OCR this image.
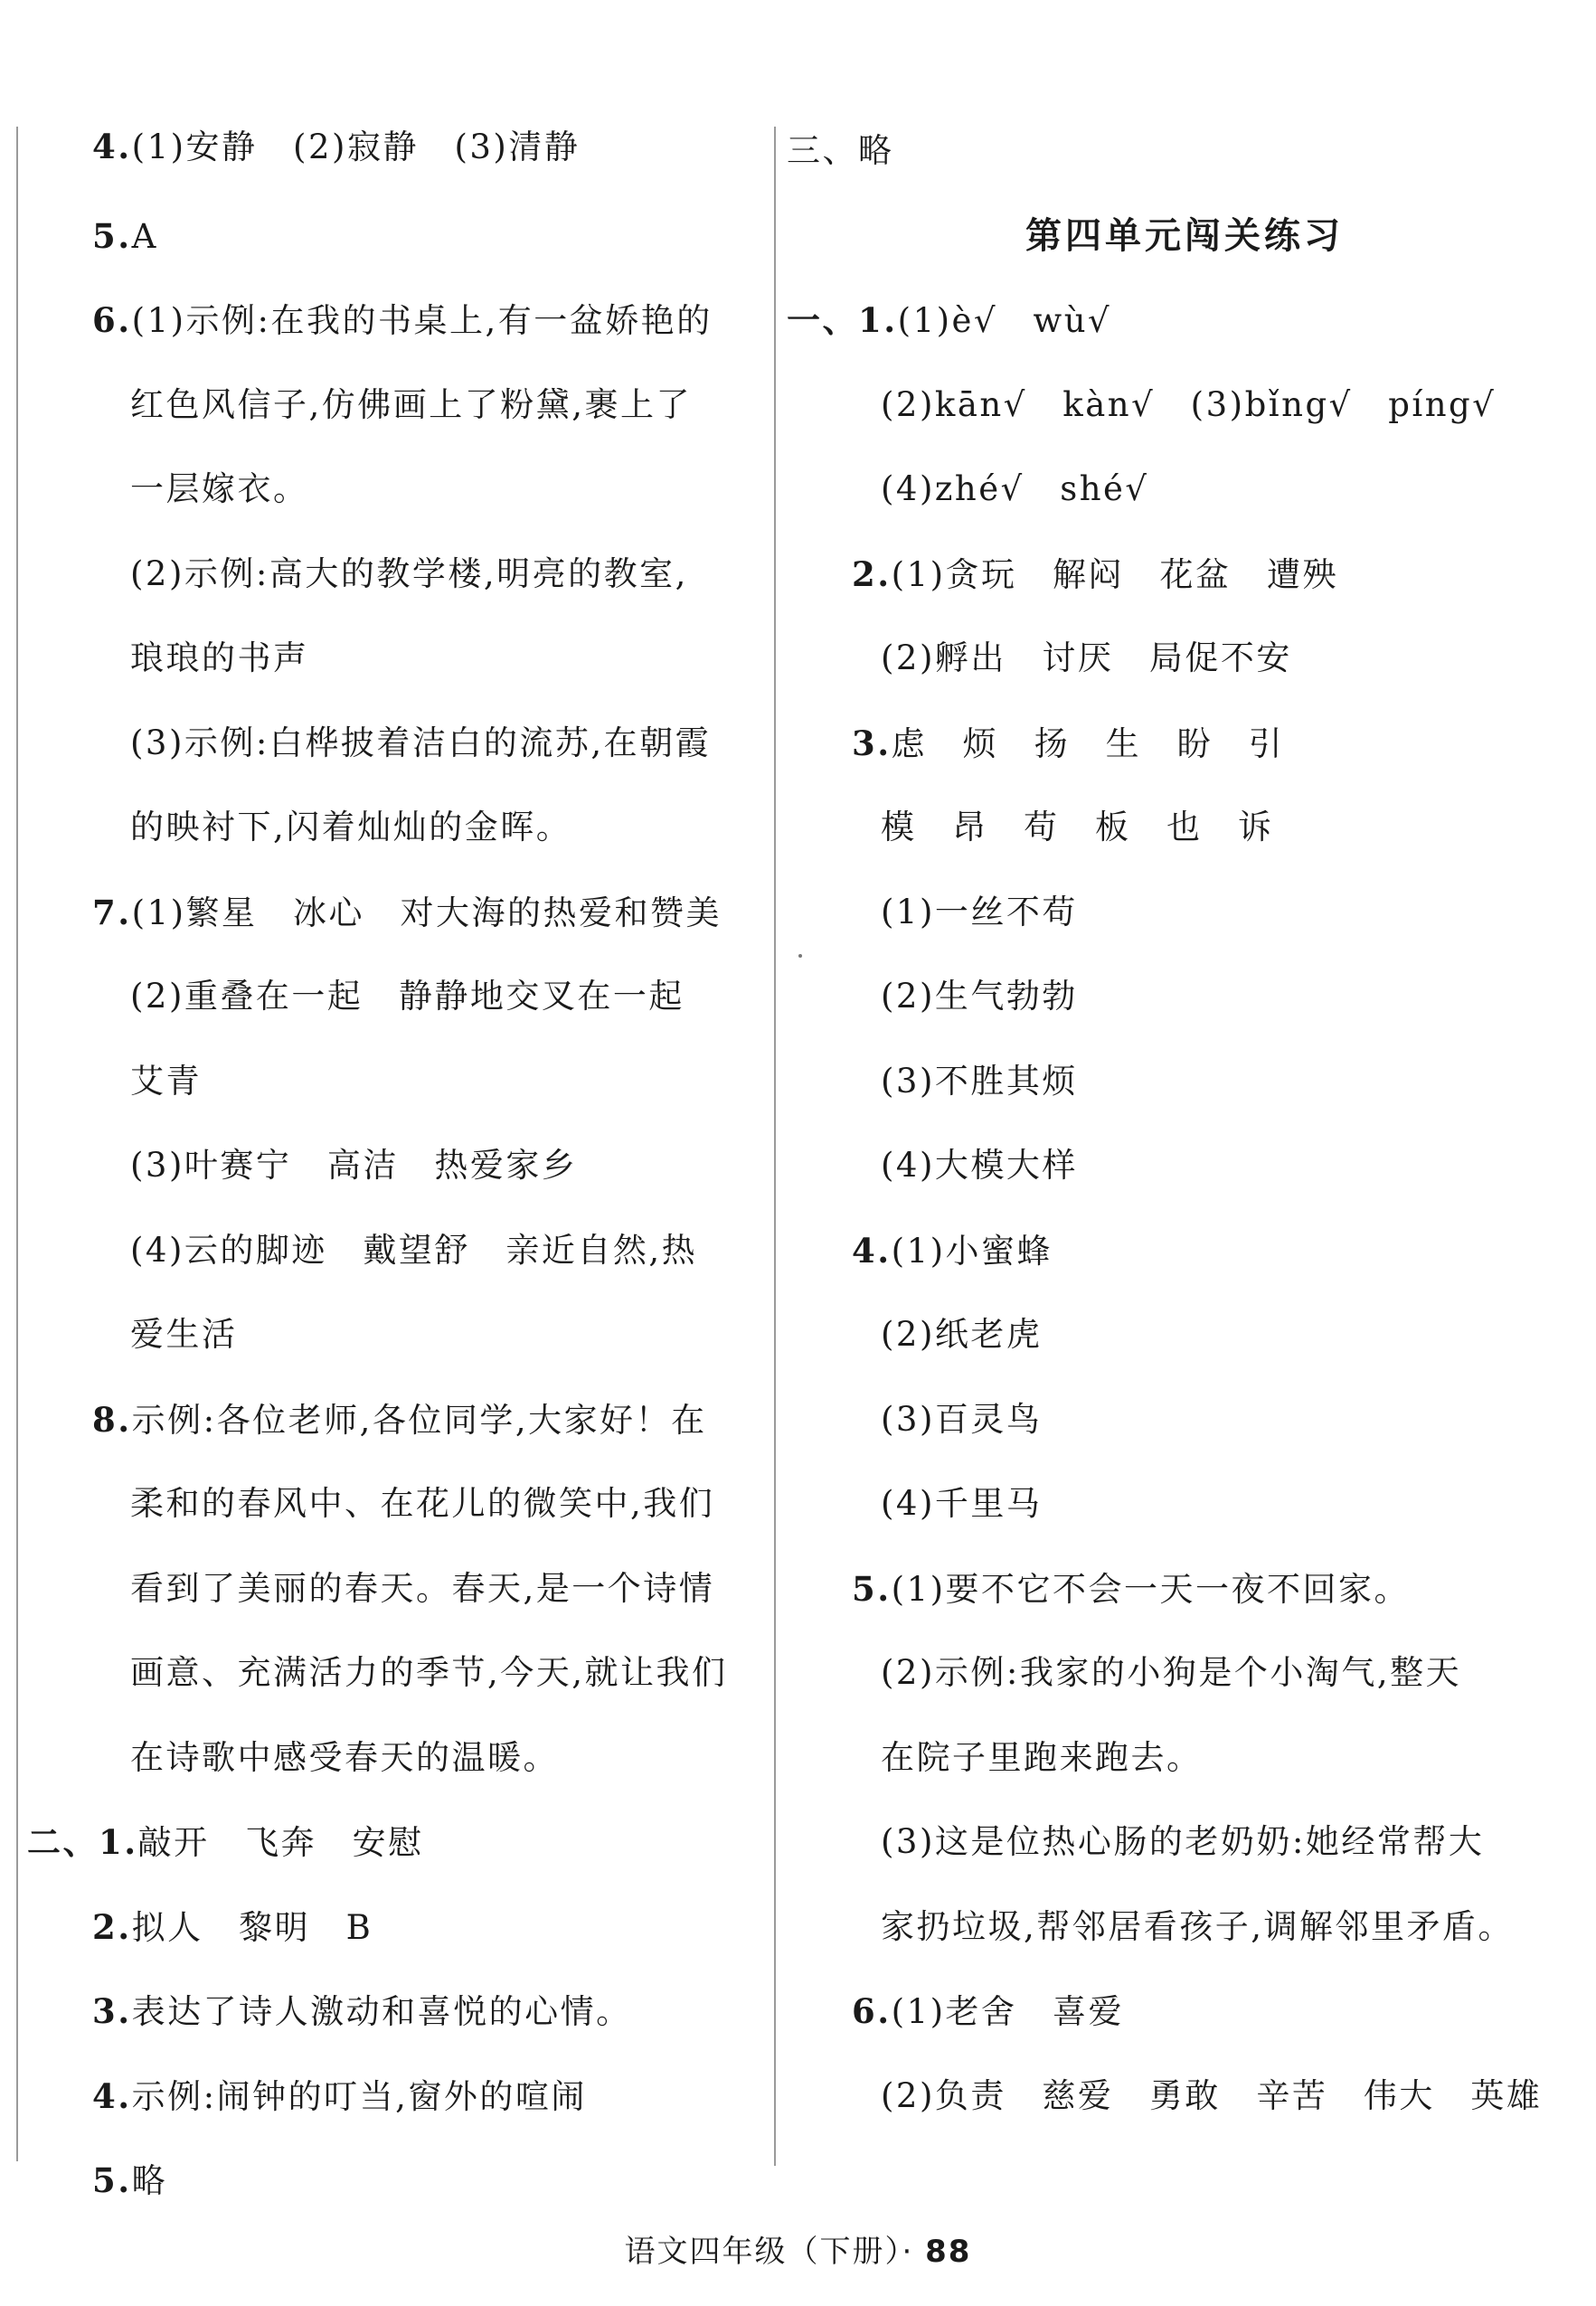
4.(1)安静　(2)寂静　(3)清静
5.A
6.(1)示例:在我的书桌上,有一盆娇艳的
红色风信子,仿佛画上了粉黛,裹上了
一层嫁衣。
(2)示例:高大的教学楼,明亮的教室,
琅琅的书声
(3)示例:白桦披着洁白的流苏,在朝霞
的映衬下,闪着灿灿的金晖。
7.(1)繁星　冰心　对大海的热爱和赞美
(2)重叠在一起　静静地交叉在一起
艾青
(3)叶赛宁　高洁　热爱家乡
(4)云的脚迹　戴望舒　亲近自然,热
爱生活
8.示例:各位老师,各位同学,大家好！在
柔和的春风中、在花儿的微笑中,我们
看到了美丽的春天。春天,是一个诗情
画意、充满活力的季节,今天,就让我们
在诗歌中感受春天的温暖。
二、1.敲开　飞奔　安慰
2.拟人　黎明　B
3.表达了诗人激动和喜悦的心情。
4.示例:闹钟的叮当,窗外的喧闹
5.略
三、略
第四单元闯关练习
一、1.(1)è√　wù√
(2)kān√　kàn√　(3)bǐng√　píng√
(4)zhé√　shé√
2.(1)贪玩　解闷　花盆　遭殃
(2)孵出　讨厌　局促不安
3.虑　烦　扬　生　盼　引
模　昂　苟　板　也　诉
(1)一丝不苟
(2)生气勃勃
(3)不胜其烦
(4)大模大样
4.(1)小蜜蜂
(2)纸老虎
(3)百灵鸟
(4)千里马
5.(1)要不它不会一天一夜不回家。
(2)示例:我家的小狗是个小淘气,整天
在院子里跑来跑去。
(3)这是位热心肠的老奶奶:她经常帮大
家扔垃圾,帮邻居看孩子,调解邻里矛盾。
6.(1)老舍　喜爱
(2)负责　慈爱　勇敢　辛苦　伟大　英雄
语文四年级（下册）· 88
